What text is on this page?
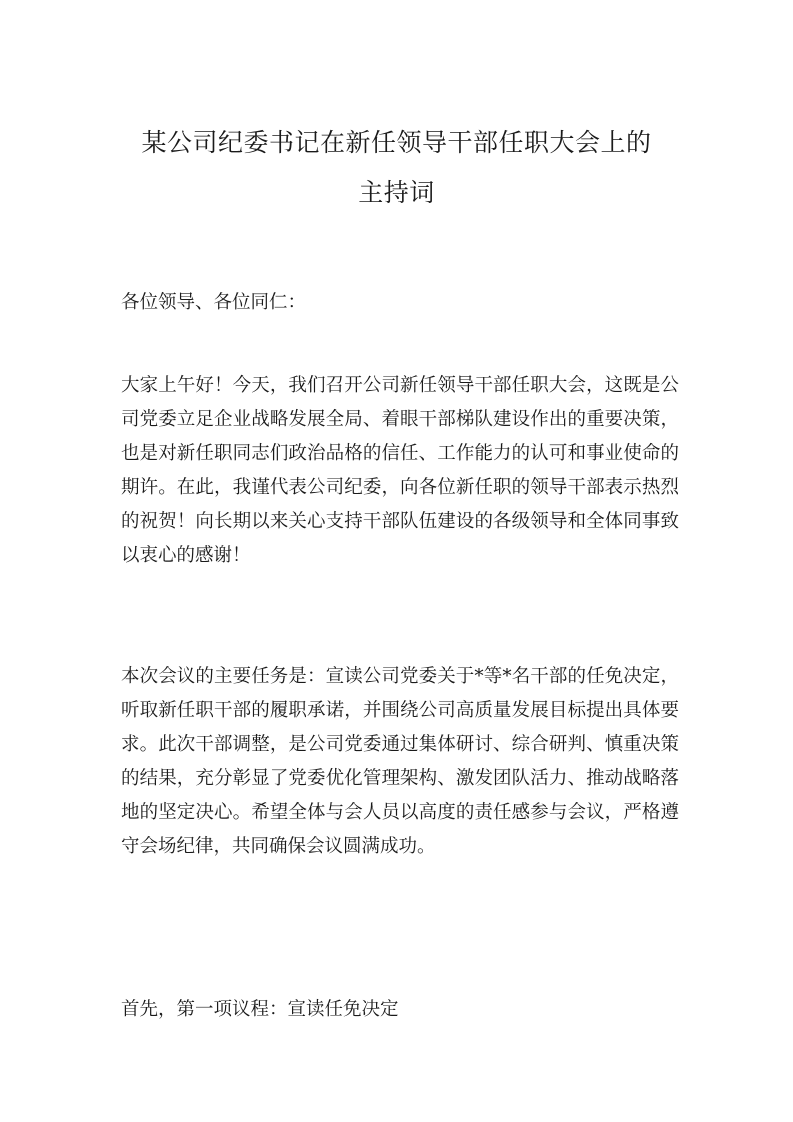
某公司纪委书记在新任领导干部任职大会上的
主持词

各位领导、各位同仁：

大家上午好！今天，我们召开公司新任领导干部任职大会，这既是公司党委立足企业战略发展全局、着眼干部梯队建设作出的重要决策，也是对新任职同志们政治品格的信任、工作能力的认可和事业使命的期许。在此，我谨代表公司纪委，向各位新任职的领导干部表示热烈的祝贺！向长期以来关心支持干部队伍建设的各级领导和全体同事致以衷心的感谢！

本次会议的主要任务是：宣读公司党委关于*等*名干部的任免决定，听取新任职干部的履职承诺，并围绕公司高质量发展目标提出具体要求。此次干部调整，是公司党委通过集体研讨、综合研判、慎重决策的结果，充分彰显了党委优化管理架构、激发团队活力、推动战略落地的坚定决心。希望全体与会人员以高度的责任感参与会议，严格遵守会场纪律，共同确保会议圆满成功。

首先，第一项议程：宣读任免决定
